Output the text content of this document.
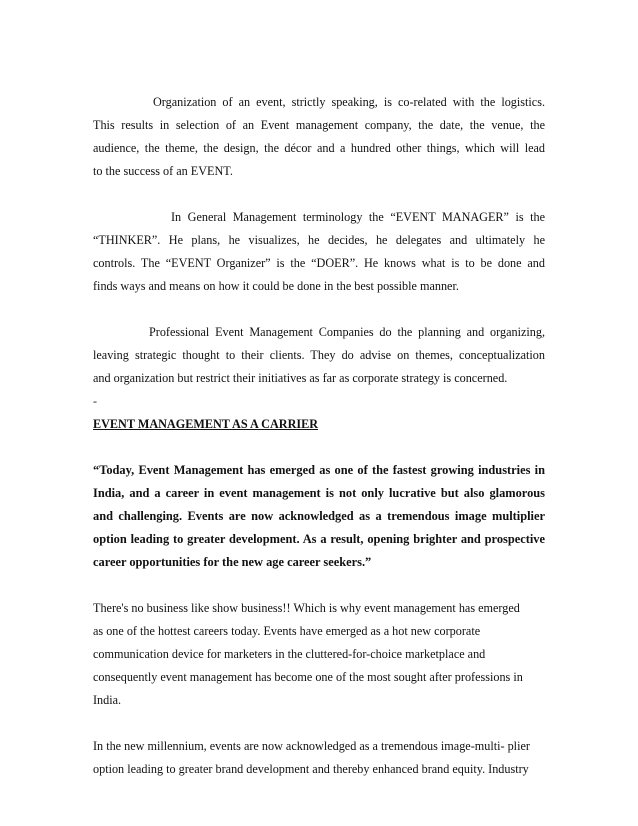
Organization of an event, strictly speaking, is co-related with the logistics.
This results in selection of an Event management company, the date, the venue, the
audience, the theme, the design, the décor and a hundred other things, which will lead
to the success of an EVENT.

In General Management terminology the “EVENT MANAGER” is the
“THINKER”. He plans, he visualizes, he decides, he delegates and ultimately he
controls. The “EVENT Organizer” is the “DOER”. He knows what is to be done and
finds ways and means on how it could be done in the best possible manner.

Professional Event Management Companies do the planning and organizing,
leaving strategic thought to their clients. They do advise on themes, conceptualization
and organization but restrict their initiatives as far as corporate strategy is concerned.

-

EVENT MANAGEMENT AS A CARRIER

“Today, Event Management has emerged as one of the fastest growing industries in
India, and a career in event management is not only lucrative but also glamorous
and challenging. Events are now acknowledged as a tremendous image multiplier
option leading to greater development. As a result, opening brighter and prospective
career opportunities for the new age career seekers.”

There's no business like show business!! Which is why event management has emerged
as one of the hottest careers today. Events have emerged as a hot new corporate
communication device for marketers in the cluttered-for-choice marketplace and
consequently event management has become one of the most sought after professions in
India.

In the new millennium, events are now acknowledged as a tremendous image-multi- plier
option leading to greater brand development and thereby enhanced brand equity. Industry
